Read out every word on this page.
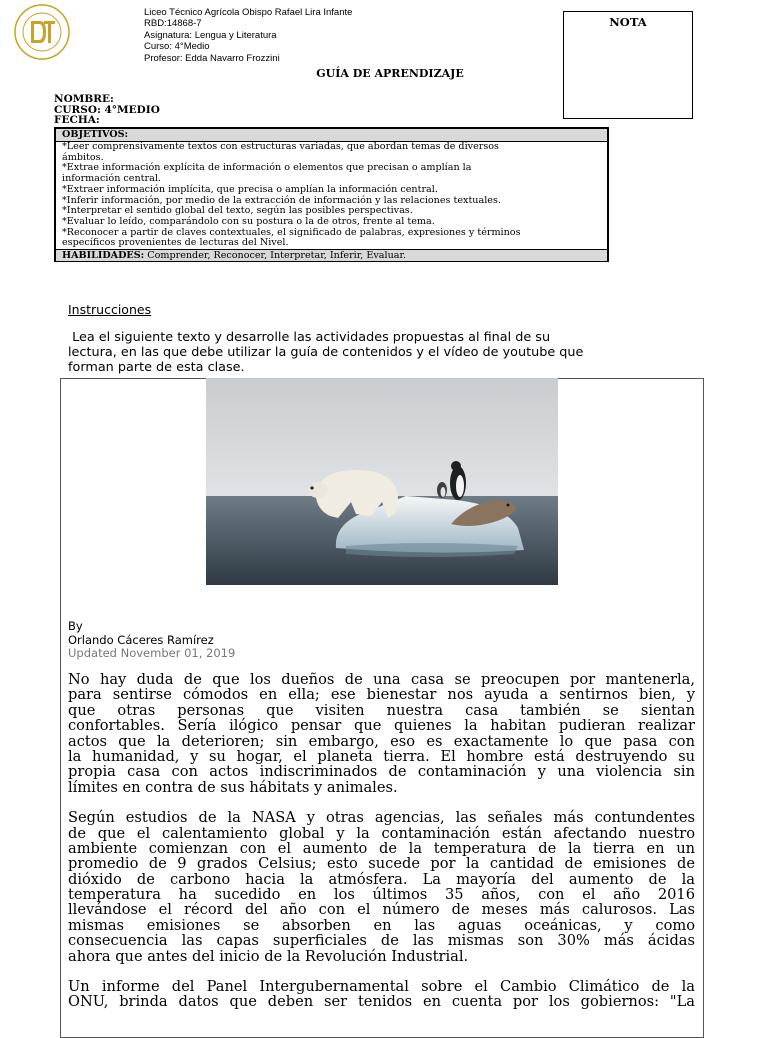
Liceo Técnico Agrícola Obispo Rafael Lira Infante
RBD:14868-7
Asignatura: Lengua y Literatura
Curso: 4°Medio
Profesor: Edda Navarro Frozzini
NOTA
GUÍA DE APRENDIZAJE
NOMBRE:
CURSO: 4°MEDIO
FECHA:
OBJETIVOS:
*Leer comprensivamente textos con estructuras variadas, que abordan temas de diversos
ámbitos.
*Extrae información explícita de información o elementos que precisan o amplían la
información central.
*Extraer información implícita, que precisa o amplían la información central.
*Inferir información, por medio de la extracción de información y las relaciones textuales.
*Interpretar el sentido global del texto, según las posibles perspectivas.
*Evaluar lo leído, comparándolo con su postura o la de otros, frente al tema.
*Reconocer a partir de claves contextuales, el significado de palabras, expresiones y términos
específicos provenientes de lecturas del Nivel.
HABILIDADES: Comprender, Reconocer, Interpretar, Inferir, Evaluar.
Instrucciones
Lea el siguiente texto y desarrolle las actividades propuestas al final de su
lectura, en las que debe utilizar la guía de contenidos y el vídeo de youtube que
forman parte de esta clase.
By
Orlando Cáceres Ramírez
Updated November 01, 2019
No hay duda de que los dueños de una casa se preocupen por mantenerla,
para sentirse cómodos en ella; ese bienestar nos ayuda a sentirnos bien, y
que otras personas que visiten nuestra casa también se sientan
confortables. Sería ilógico pensar que quienes la habitan pudieran realizar
actos que la deterioren; sin embargo, eso es exactamente lo que pasa con
la humanidad, y su hogar, el planeta tierra. El hombre está destruyendo su
propia casa con actos indiscriminados de contaminación y una violencia sin
límites en contra de sus hábitats y animales.
Según estudios de la NASA y otras agencias, las señales más contundentes
de que el calentamiento global y la contaminación están afectando nuestro
ambiente comienzan con el aumento de la temperatura de la tierra en un
promedio de 9 grados Celsius; esto sucede por la cantidad de emisiones de
dióxido de carbono hacia la atmósfera. La mayoría del aumento de la
temperatura ha sucedido en los últimos 35 años, con el año 2016
llevándose el récord del año con el número de meses más calurosos. Las
mismas emisiones se absorben en las aguas oceánicas, y como
consecuencia las capas superficiales de las mismas son 30% más ácidas
ahora que antes del inicio de la Revolución Industrial.
Un informe del Panel Intergubernamental sobre el Cambio Climático de la
ONU, brinda datos que deben ser tenidos en cuenta por los gobiernos: "La
